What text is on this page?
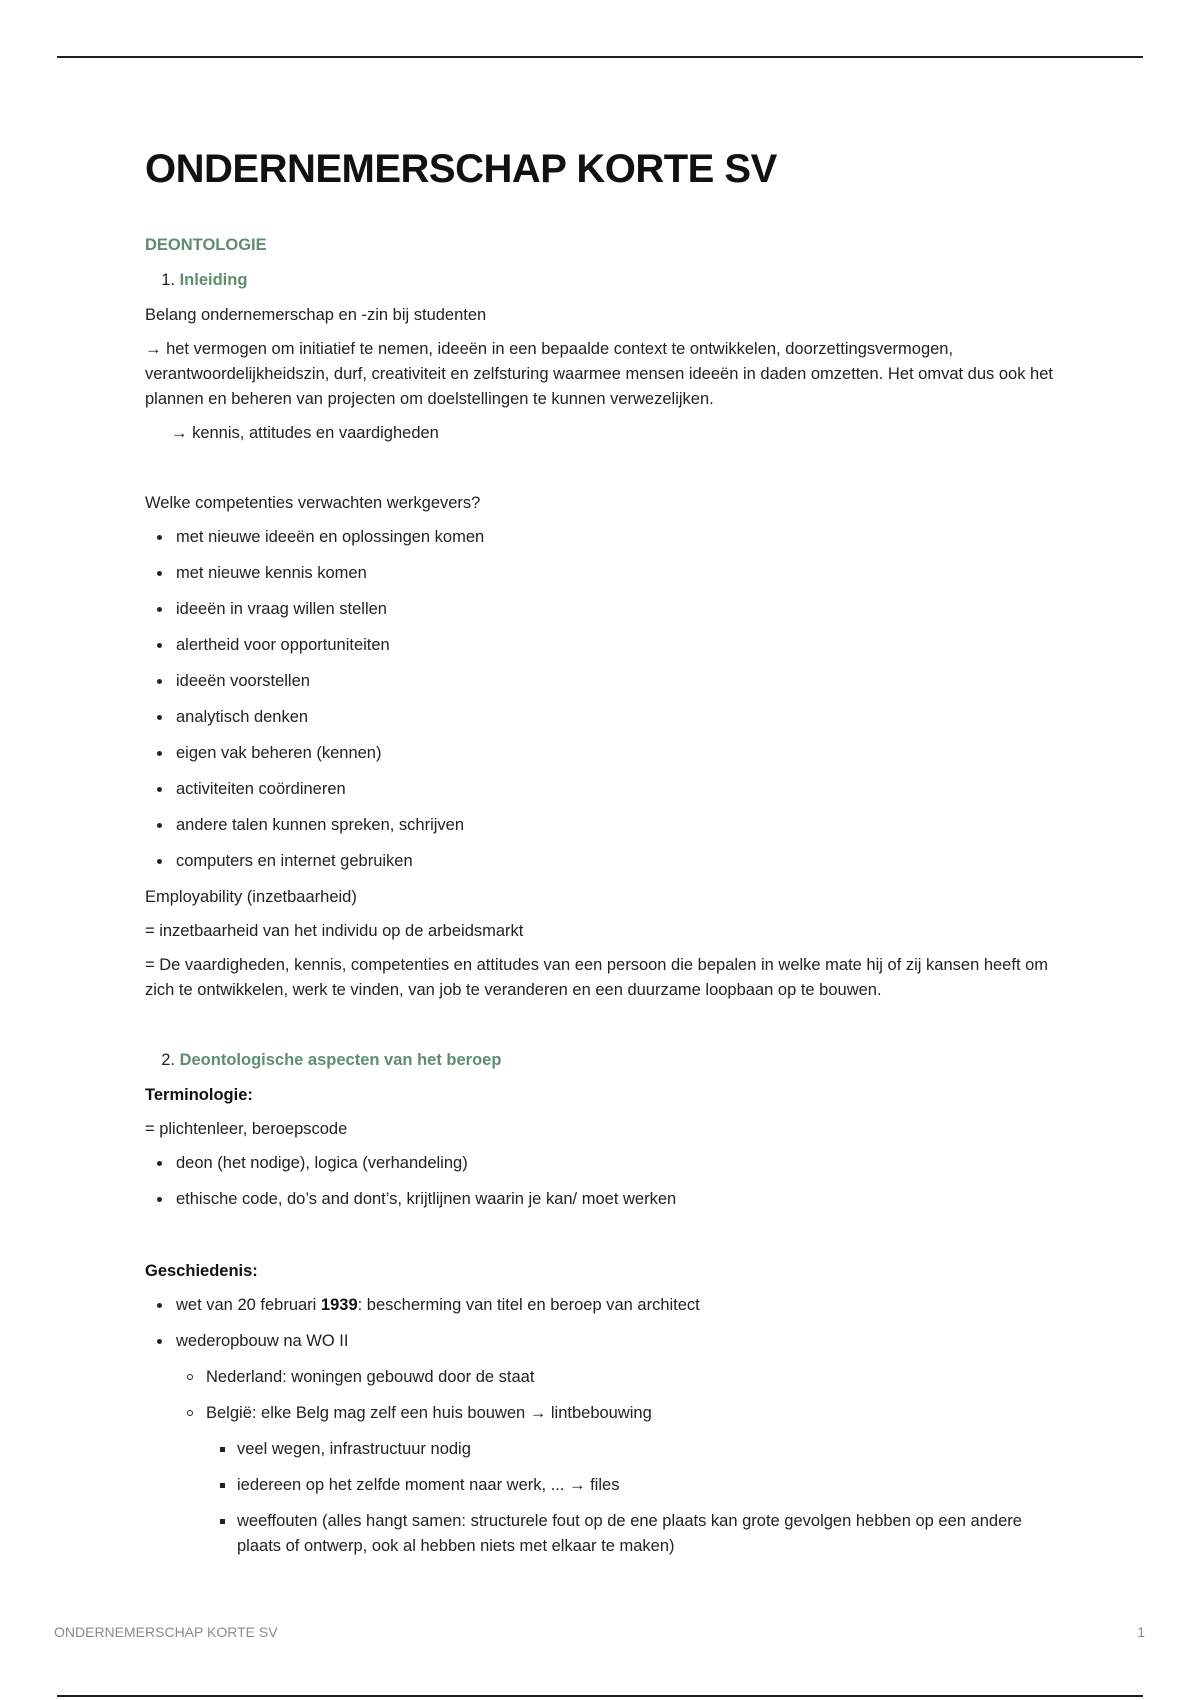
ONDERNEMERSCHAP KORTE SV
DEONTOLOGIE
1. Inleiding

Belang ondernemerschap en -zin bij studenten

→ het vermogen om initiatief te nemen, ideeën in een bepaalde context te ontwikkelen, doorzettingsvermogen, verantwoordelijkheidszin, durf, creativiteit en zelfsturing waarmee mensen ideeën in daden omzetten. Het omvat dus ook het plannen en beheren van projecten om doelstellingen te kunnen verwezelijken.

→ kennis, attitudes en vaardigheden

Welke competenties verwachten werkgevers?

met nieuwe ideeën en oplossingen komen
met nieuwe kennis komen
ideeën in vraag willen stellen
alertheid voor opportuniteiten
ideeën voorstellen
analytisch denken
eigen vak beheren (kennen)
activiteiten coördineren
andere talen kunnen spreken, schrijven
computers en internet gebruiken

Employability (inzetbaarheid)

= inzetbaarheid van het individu op de arbeidsmarkt

= De vaardigheden, kennis, competenties en attitudes van een persoon die bepalen in welke mate hij of zij kansen heeft om zich te ontwikkelen, werk te vinden, van job te veranderen en een duurzame loopbaan op te bouwen.

2. Deontologische aspecten van het beroep

Terminologie:

= plichtenleer, beroepscode

deon (het nodige), logica (verhandeling)
ethische code, do’s and dont’s, krijtlijnen waarin je kan/ moet werken

Geschiedenis:

wet van 20 februari 1939: bescherming van titel en beroep van architect
wederopbouw na WO II
Nederland: woningen gebouwd door de staat
België: elke Belg mag zelf een huis bouwen → lintbebouwing
veel wegen, infrastructuur nodig
iedereen op het zelfde moment naar werk, ... → files
weeffouten (alles hangt samen: structurele fout op de ene plaats kan grote gevolgen hebben op een andere plaats of ontwerp, ook al hebben niets met elkaar te maken)
ONDERNEMERSCHAP KORTE SV	1
